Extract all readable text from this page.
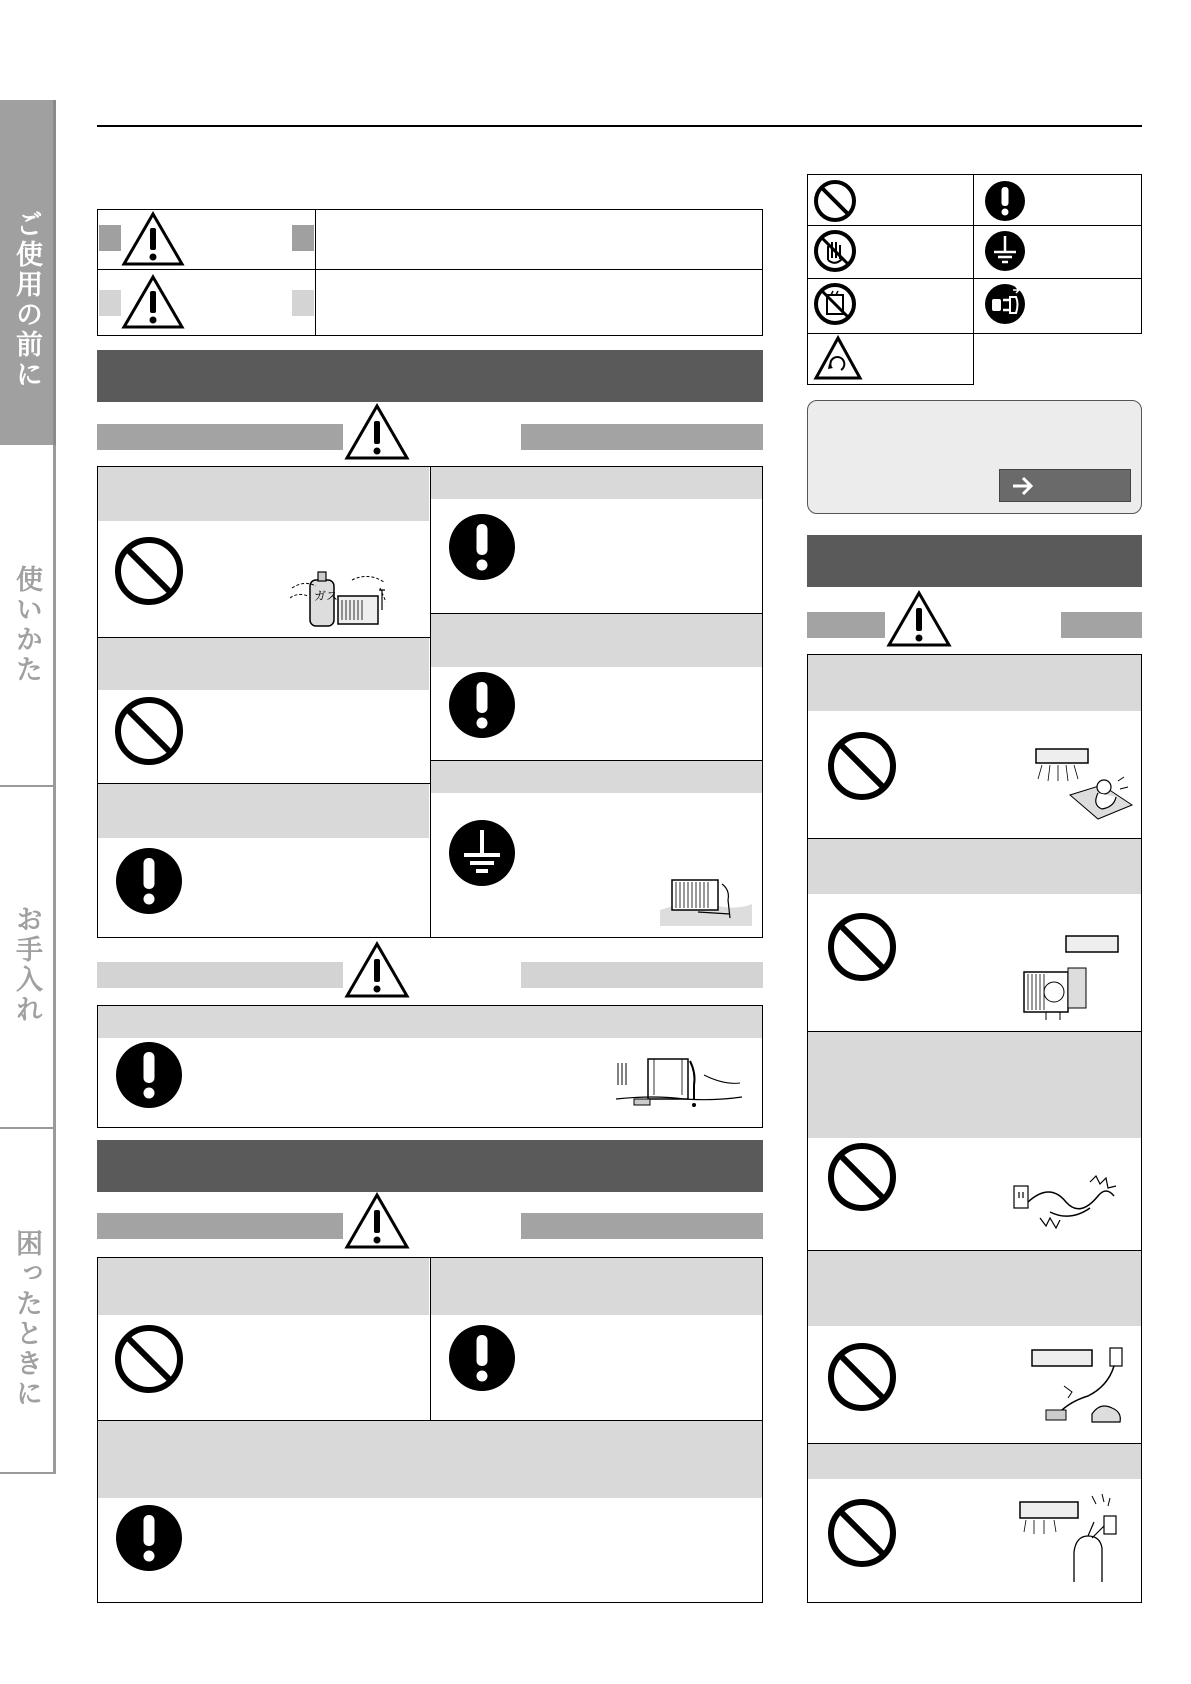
ご使用の前に
使いかた
お手入れ
困ったときに
ガス
